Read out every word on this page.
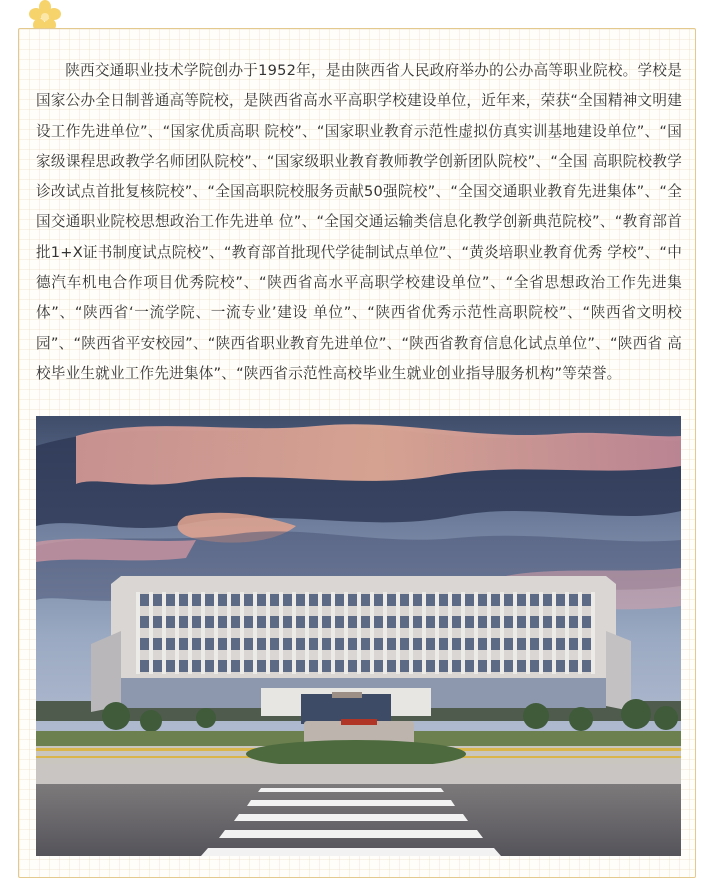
陕西交通职业技术学院创办于1952年，是由陕西省人民政府举办的公办高等职业院校。学校是国家公办全日制普通高等院校，是陕西省高水平高职学校建设单位，近年来，荣获“全国精神文明建设工作先进单位”、“国家优质高职 院校”、“国家职业教育示范性虚拟仿真实训基地建设单位”、“国家级课程思政教学名师团队院校”、“国家级职业教育教师教学创新团队院校”、“全国 高职院校教学诊改试点首批复核院校”、“全国高职院校服务贡献50强院校”、“全国交通职业教育先进集体”、“全国交通职业院校思想政治工作先进单 位”、“全国交通运输类信息化教学创新典范院校”、“教育部首批1+X证书制度试点院校”、“教育部首批现代学徒制试点单位”、“黄炎培职业教育优秀 学校”、“中德汽车机电合作项目优秀院校”、“陕西省高水平高职学校建设单位”、“全省思想政治工作先进集体”、“陕西省‘一流学院、一流专业’建设 单位”、“陕西省优秀示范性高职院校”、“陕西省文明校园”、“陕西省平安校园”、“陕西省职业教育先进单位”、“陕西省教育信息化试点单位”、“陕西省 高校毕业生就业工作先进集体”、“陕西省示范性高校毕业生就业创业指导服务机构”等荣誉。
